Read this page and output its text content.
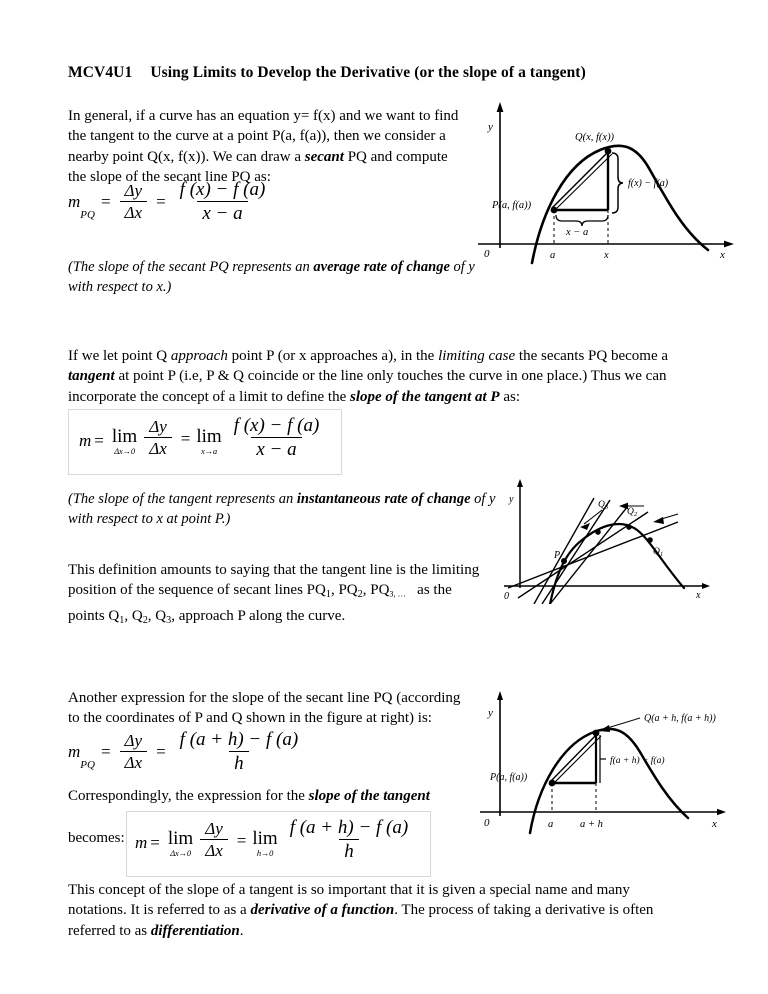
MCV4U1 Using Limits to Develop the Derivative (or the slope of a tangent)
In general, if a curve has an equation y= f(x) and we want to find
the tangent to the curve at a point P(a, f(a)), then we consider a
nearby point Q(x, f(x)). We can draw a secant PQ and compute
the slope of the secant line PQ as:
m
PQ
= $\frac{\Delta y}{\Delta x} = \frac{f (x) - f (a)}{x - a}$
(The slope of the secant PQ represents an average rate of change of y
with respect to x.)
If we let point Q approach point P (or x approaches a), in the limiting case the secants PQ become a
tangent at point P (i.e, P & Q coincide or the line only touches the curve in one place.) Thus we can
incorporate the concept of a limit to define the slope of the tangent at P as:
m = lim
$\Delta x\to 0 \frac{\Delta y}{\Delta x} = \lim$
$x\to a \frac{f (x) - f (a)}{x - a}$
(The slope of the tangent represents an instantaneous rate of change of y
with respect to x at point P.)
This definition amounts to saying that the tangent line is the limiting
position of the sequence of secant lines $PQ_1$, $PQ_2$, $PQ_{3, \dots}$   as the
points $Q_1$, $Q_2$, $Q_3$, approach P along the curve.
Another expression for the slope of the secant line PQ (according
to the coordinates of P and Q shown in the figure at right) is:
m
PQ
= $\frac{\Delta y}{\Delta x} = \frac{f (a + h) - f (a)}{h}$
Correspondingly, the expression for the slope of the tangent
becomes: m = lim
$\Delta x\to 0 \frac{\Delta y}{\Delta x} = \lim$
$h\to 0 \frac{f (a + h) - f (a)}{h}$
This concept of the slope of a tangent is so important that it is given a special name and many
notations. It is referred to as a derivative of a function. The process of taking a derivative is often
referred to as differentiation.
Q(x, f(x))
P(a, f(a))
f(x) − f(a)
x − a
y
x
0	a	x
y
x
0
P
$Q_3$ $Q_2$
$Q_1$
y
x
0
Q(a + h, f(a + h))
P(a, f(a))
f(a + h) − f(a)
a	a + h
